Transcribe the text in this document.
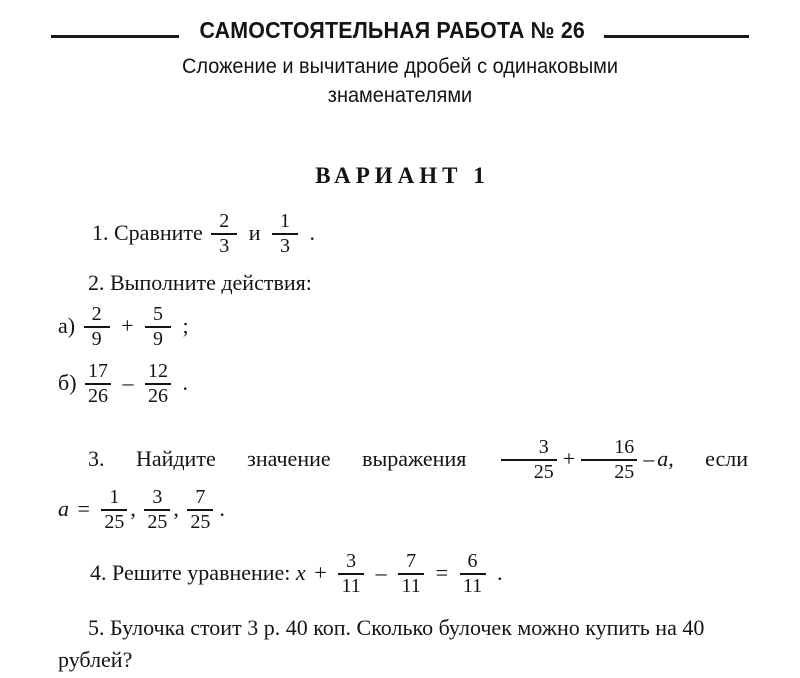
САМОСТОЯТЕЛЬНАЯ РАБОТА № 26
Сложение и вычитание дробей с одинаковыми знаменателями
ВАРИАНТ 1
1. Сравните $\frac{2}{3}$ и $\frac{1}{3}$ .
2. Выполните действия:
$а) \frac{2}{9} + \frac{5}{9}$ ;
$б) \frac{17}{26} - \frac{12}{26}$ .
3. Найдите значение выражения $\frac{3}{25} + \frac{16}{25} - a$, если
$a = \frac{1}{25}$ , $\frac{3}{25}$ , $\frac{7}{25}$ .
4. Решите уравнение: $x + \frac{3}{11} - \frac{7}{11} = \frac{6}{11}$ .
5. Булочка стоит 3 р. 40 коп. Сколько булочек можно купить на 40 рублей?
